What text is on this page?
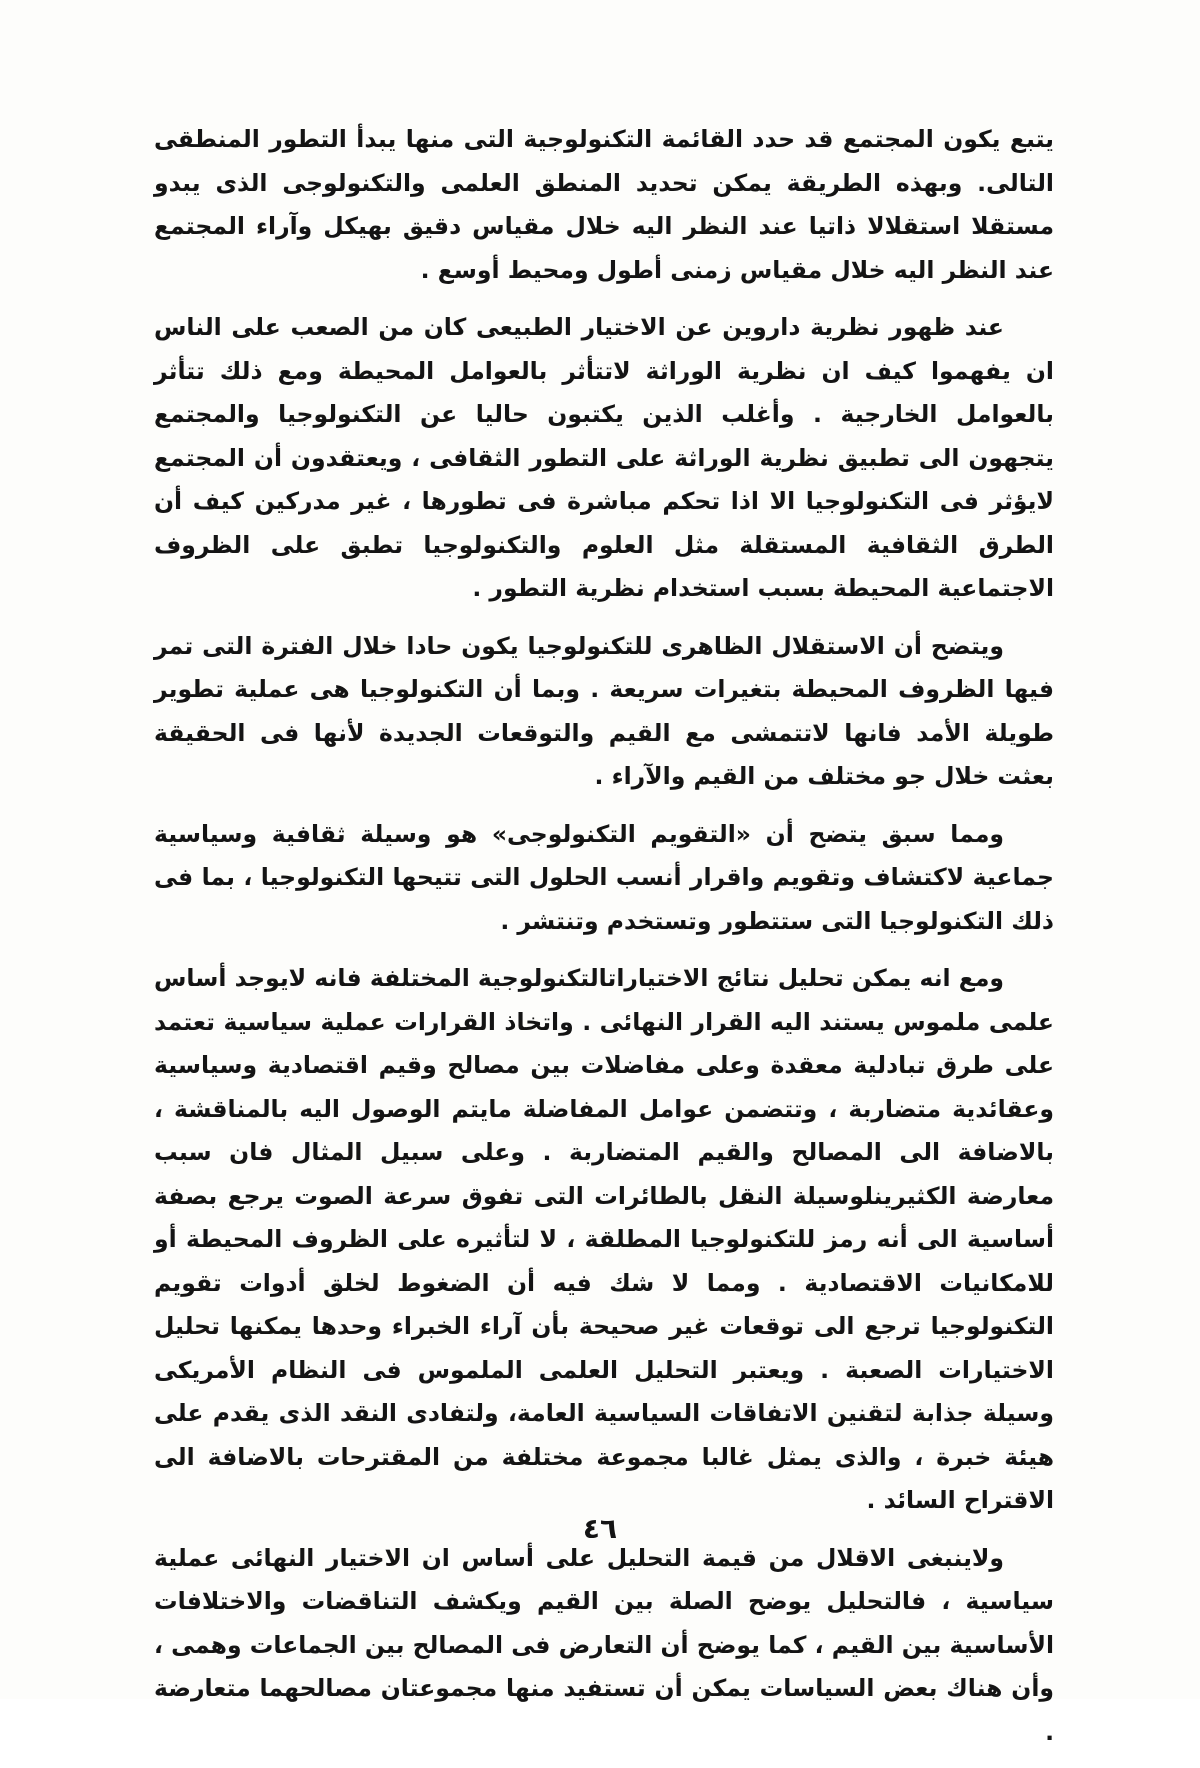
يتبع يكون المجتمع قد حدد القائمة التكنولوجية التى منها يبدأ التطور المنطقى التالى. وبهذه الطريقة يمكن تحديد المنطق العلمى والتكنولوجى الذى يبدو مستقلا استقلالا ذاتيا عند النظر اليه خلال مقياس دقيق بهيكل وآراء المجتمع عند النظر اليه خلال مقياس زمنى أطول ومحيط أوسع .

عند ظهور نظرية داروين عن الاختيار الطبيعى كان من الصعب على الناس ان يفهموا كيف ان نظرية الوراثة لاتتأثر بالعوامل المحيطة ومع ذلك تتأثر بالعوامل الخارجية . وأغلب الذين يكتبون حاليا عن التكنولوجيا والمجتمع يتجهون الى تطبيق نظرية الوراثة على التطور الثقافى ، ويعتقدون أن المجتمع لايؤثر فى التكنولوجيا الا اذا تحكم مباشرة فى تطورها ، غير مدركين كيف أن الطرق الثقافية المستقلة مثل العلوم والتكنولوجيا تطبق على الظروف الاجتماعية المحيطة بسبب استخدام نظرية التطور .

ويتضح أن الاستقلال الظاهرى للتكنولوجيا يكون حادا خلال الفترة التى تمر فيها الظروف المحيطة بتغيرات سريعة . وبما أن التكنولوجيا هى عملية تطوير طويلة الأمد فانها لاتتمشى مع القيم والتوقعات الجديدة لأنها فى الحقيقة بعثت خلال جو مختلف من القيم والآراء .

ومما سبق يتضح أن «التقويم التكنولوجى» هو وسيلة ثقافية وسياسية جماعية لاكتشاف وتقويم واقرار أنسب الحلول التى تتيحها التكنولوجيا ، بما فى ذلك التكنولوجيا التى ستتطور وتستخدم وتنتشر .

ومع انه يمكن تحليل نتائج الاختياراتالتكنولوجية المختلفة فانه لايوجد أساس علمى ملموس يستند اليه القرار النهائى . واتخاذ القرارات عملية سياسية تعتمد على طرق تبادلية معقدة وعلى مفاضلات بين مصالح وقيم اقتصادية وسياسية وعقائدية متضاربة ، وتتضمن عوامل المفاضلة مايتم الوصول اليه بالمناقشة ، بالاضافة الى المصالح والقيم المتضاربة . وعلى سبيل المثال فان سبب معارضة الكثيرينلوسيلة النقل بالطائرات التى تفوق سرعة الصوت يرجع بصفة أساسية الى أنه رمز للتكنولوجيا المطلقة ، لا لتأثيره على الظروف المحيطة أو للامكانيات الاقتصادية . ومما لا شك فيه أن الضغوط لخلق أدوات تقويم التكنولوجيا ترجع الى توقعات غير صحيحة بأن آراء الخبراء وحدها يمكنها تحليل الاختيارات الصعبة . ويعتبر التحليل العلمى الملموس فى النظام الأمريكى وسيلة جذابة لتقنين الاتفاقات السياسية العامة، ولتفادى النقد الذى يقدم على هيئة خبرة ، والذى يمثل غالبا مجموعة مختلفة من المقترحات بالاضافة الى الاقتراح السائد .

ولاينبغى الاقلال من قيمة التحليل على أساس ان الاختيار النهائى عملية سياسية ، فالتحليل يوضح الصلة بين القيم ويكشف التناقضات والاختلافات الأساسية بين القيم ، كما يوضح أن التعارض فى المصالح بين الجماعات وهمى ، وأن هناك بعض السياسات يمكن أن تستفيد منها مجموعتان مصالحهما متعارضة .

٤٦
